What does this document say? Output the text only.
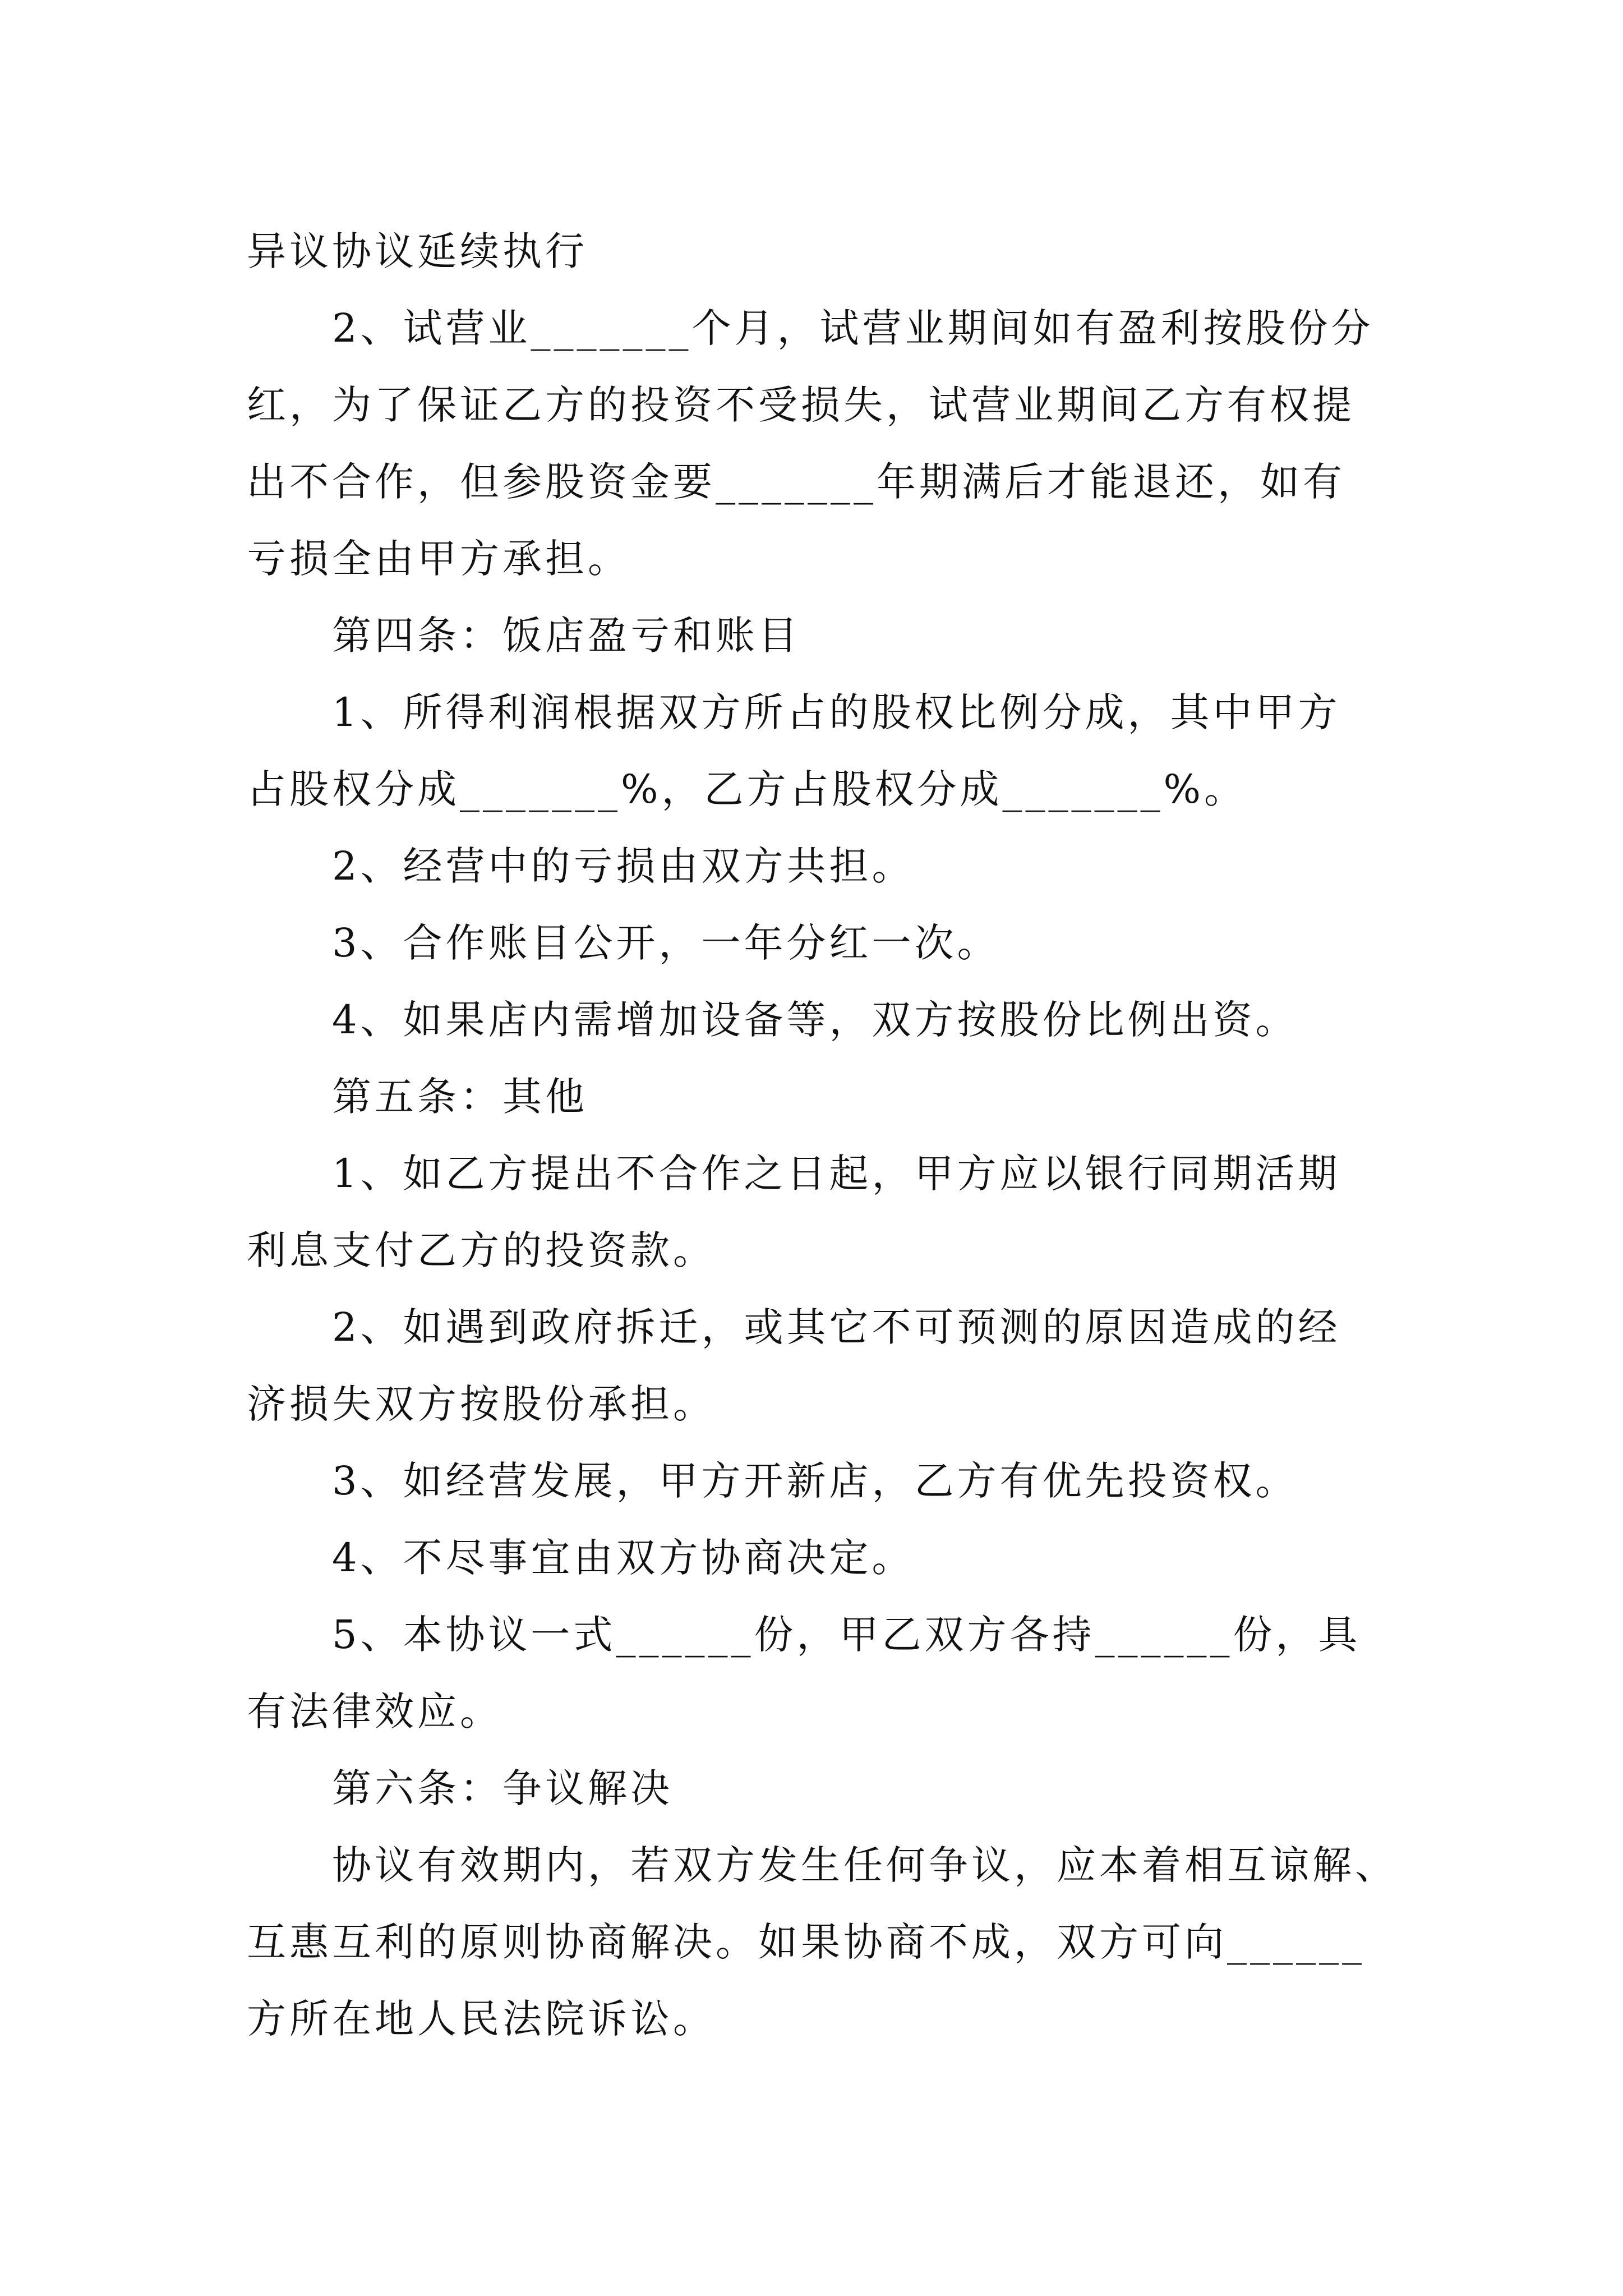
异议协议延续执行

2、试营业_______个月，试营业期间如有盈利按股份分
红，为了保证乙方的投资不受损失，试营业期间乙方有权提
出不合作，但参股资金要_______年期满后才能退还，如有
亏损全由甲方承担。

第四条：饭店盈亏和账目

1、所得利润根据双方所占的股权比例分成，其中甲方
占股权分成_______%，乙方占股权分成_______%。

2、经营中的亏损由双方共担。

3、合作账目公开，一年分红一次。

4、如果店内需增加设备等，双方按股份比例出资。

第五条：其他

1、如乙方提出不合作之日起，甲方应以银行同期活期
利息支付乙方的投资款。

2、如遇到政府拆迁，或其它不可预测的原因造成的经
济损失双方按股份承担。

3、如经营发展，甲方开新店，乙方有优先投资权。

4、不尽事宜由双方协商决定。

5、本协议一式______份，甲乙双方各持______份，具
有法律效应。

第六条：争议解决

协议有效期内，若双方发生任何争议，应本着相互谅解、
互惠互利的原则协商解决。如果协商不成，双方可向______
方所在地人民法院诉讼。
